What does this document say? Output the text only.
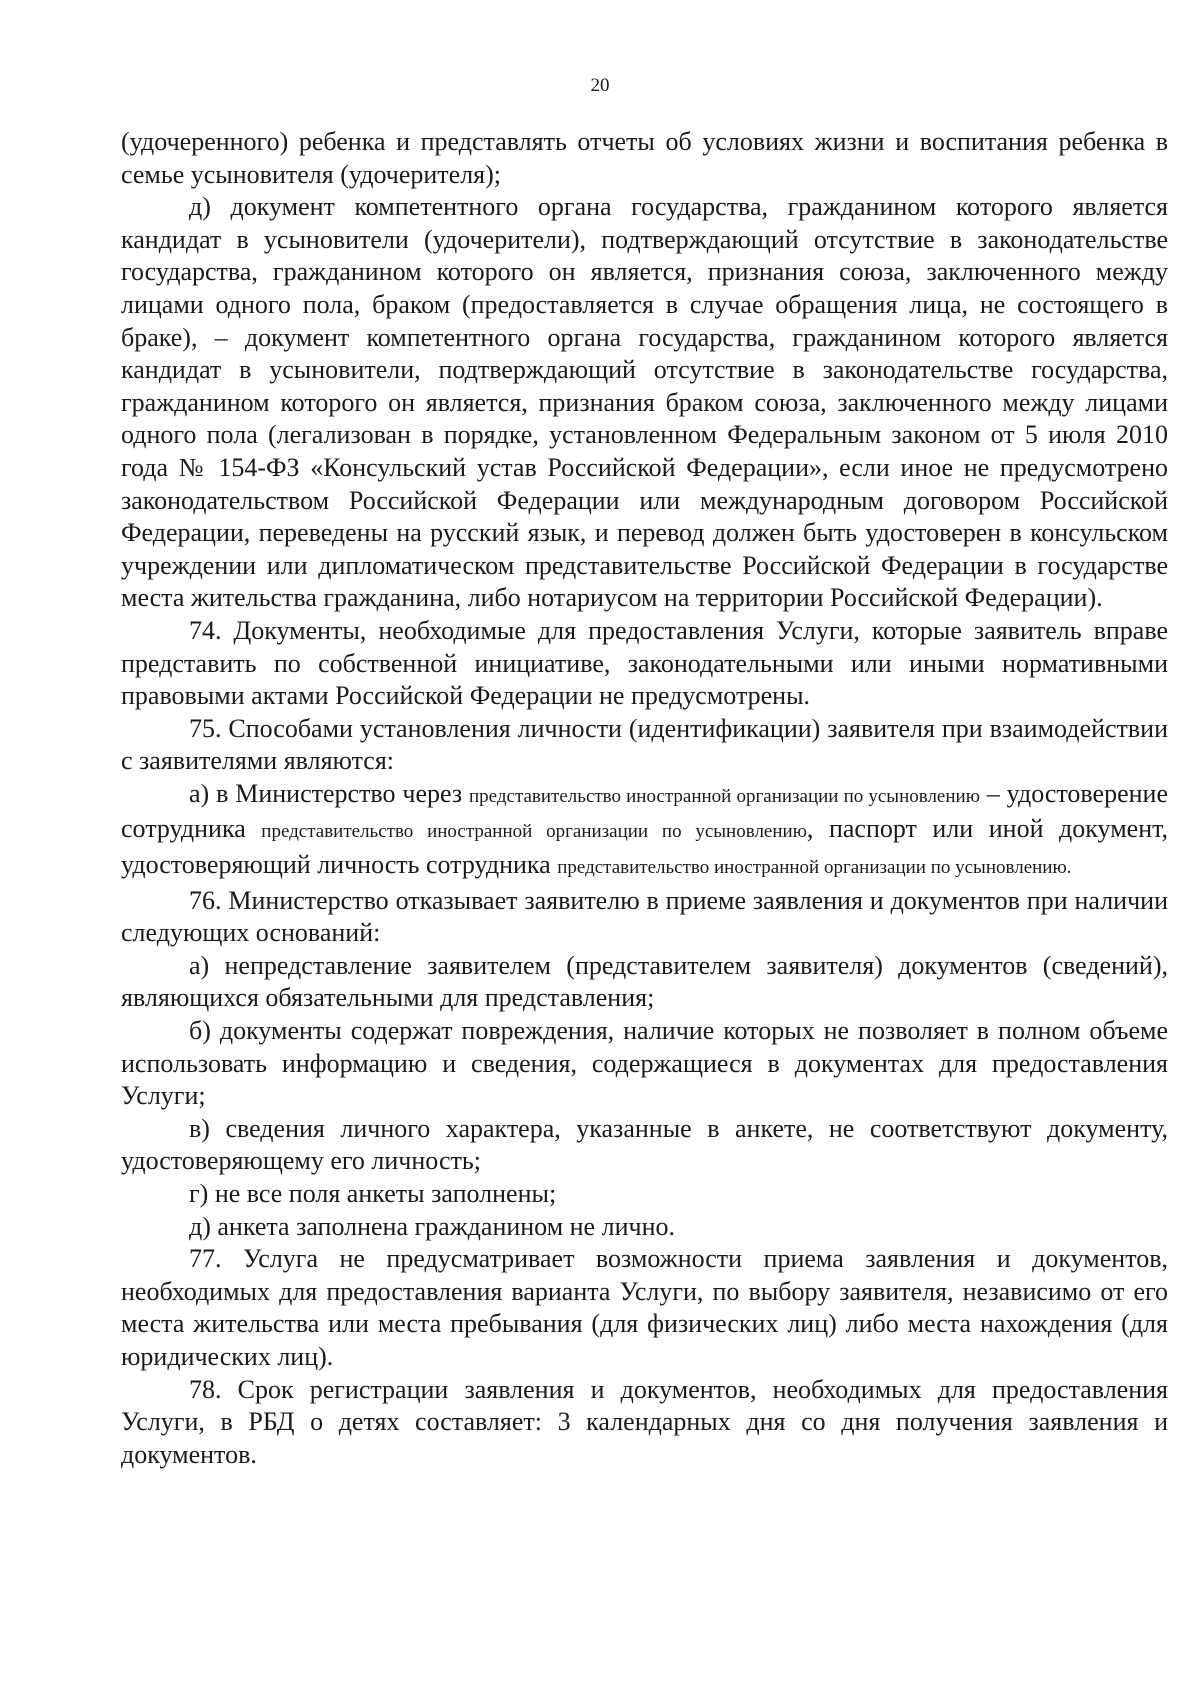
20

(удочеренного) ребенка и представлять отчеты об условиях жизни и воспитания ребенка в семье усыновителя (удочерителя);

д) документ компетентного органа государства, гражданином которого является кандидат в усыновители (удочерители), подтверждающий отсутствие в законодательстве государства, гражданином которого он является, признания союза, заключенного между лицами одного пола, браком (предоставляется в случае обращения лица, не состоящего в браке), – документ компетентного органа государства, гражданином которого является кандидат в усыновители, подтверждающий отсутствие в законодательстве государства, гражданином которого он является, признания браком союза, заключенного между лицами одного пола (легализован в порядке, установленном Федеральным законом от 5 июля 2010 года № 154-ФЗ «Консульский устав Российской Федерации», если иное не предусмотрено законодательством Российской Федерации или международным договором Российской Федерации, переведены на русский язык, и перевод должен быть удостоверен в консульском учреждении или дипломатическом представительстве Российской Федерации в государстве места жительства гражданина, либо нотариусом на территории Российской Федерации).

74. Документы, необходимые для предоставления Услуги, которые заявитель вправе представить по собственной инициативе, законодательными или иными нормативными правовыми актами Российской Федерации не предусмотрены.

75. Способами установления личности (идентификации) заявителя при взаимодействии с заявителями являются:

а) в Министерство через представительство иностранной организации по усыновлению – удостоверение сотрудника представительство иностранной организации по усыновлению, паспорт или иной документ, удостоверяющий личность сотрудника представительство иностранной организации по усыновлению.

76. Министерство отказывает заявителю в приеме заявления и документов при наличии следующих оснований:

а) непредставление заявителем (представителем заявителя) документов (сведений), являющихся обязательными для представления;

б) документы содержат повреждения, наличие которых не позволяет в полном объеме использовать информацию и сведения, содержащиеся в документах для предоставления Услуги;

в) сведения личного характера, указанные в анкете, не соответствуют документу, удостоверяющему его личность;

г) не все поля анкеты заполнены;

д) анкета заполнена гражданином не лично.

77. Услуга не предусматривает возможности приема заявления и документов, необходимых для предоставления варианта Услуги, по выбору заявителя, независимо от его места жительства или места пребывания (для физических лиц) либо места нахождения (для юридических лиц).

78. Срок регистрации заявления и документов, необходимых для предоставления Услуги, в РБД о детях составляет: 3 календарных дня со дня получения заявления и документов.
